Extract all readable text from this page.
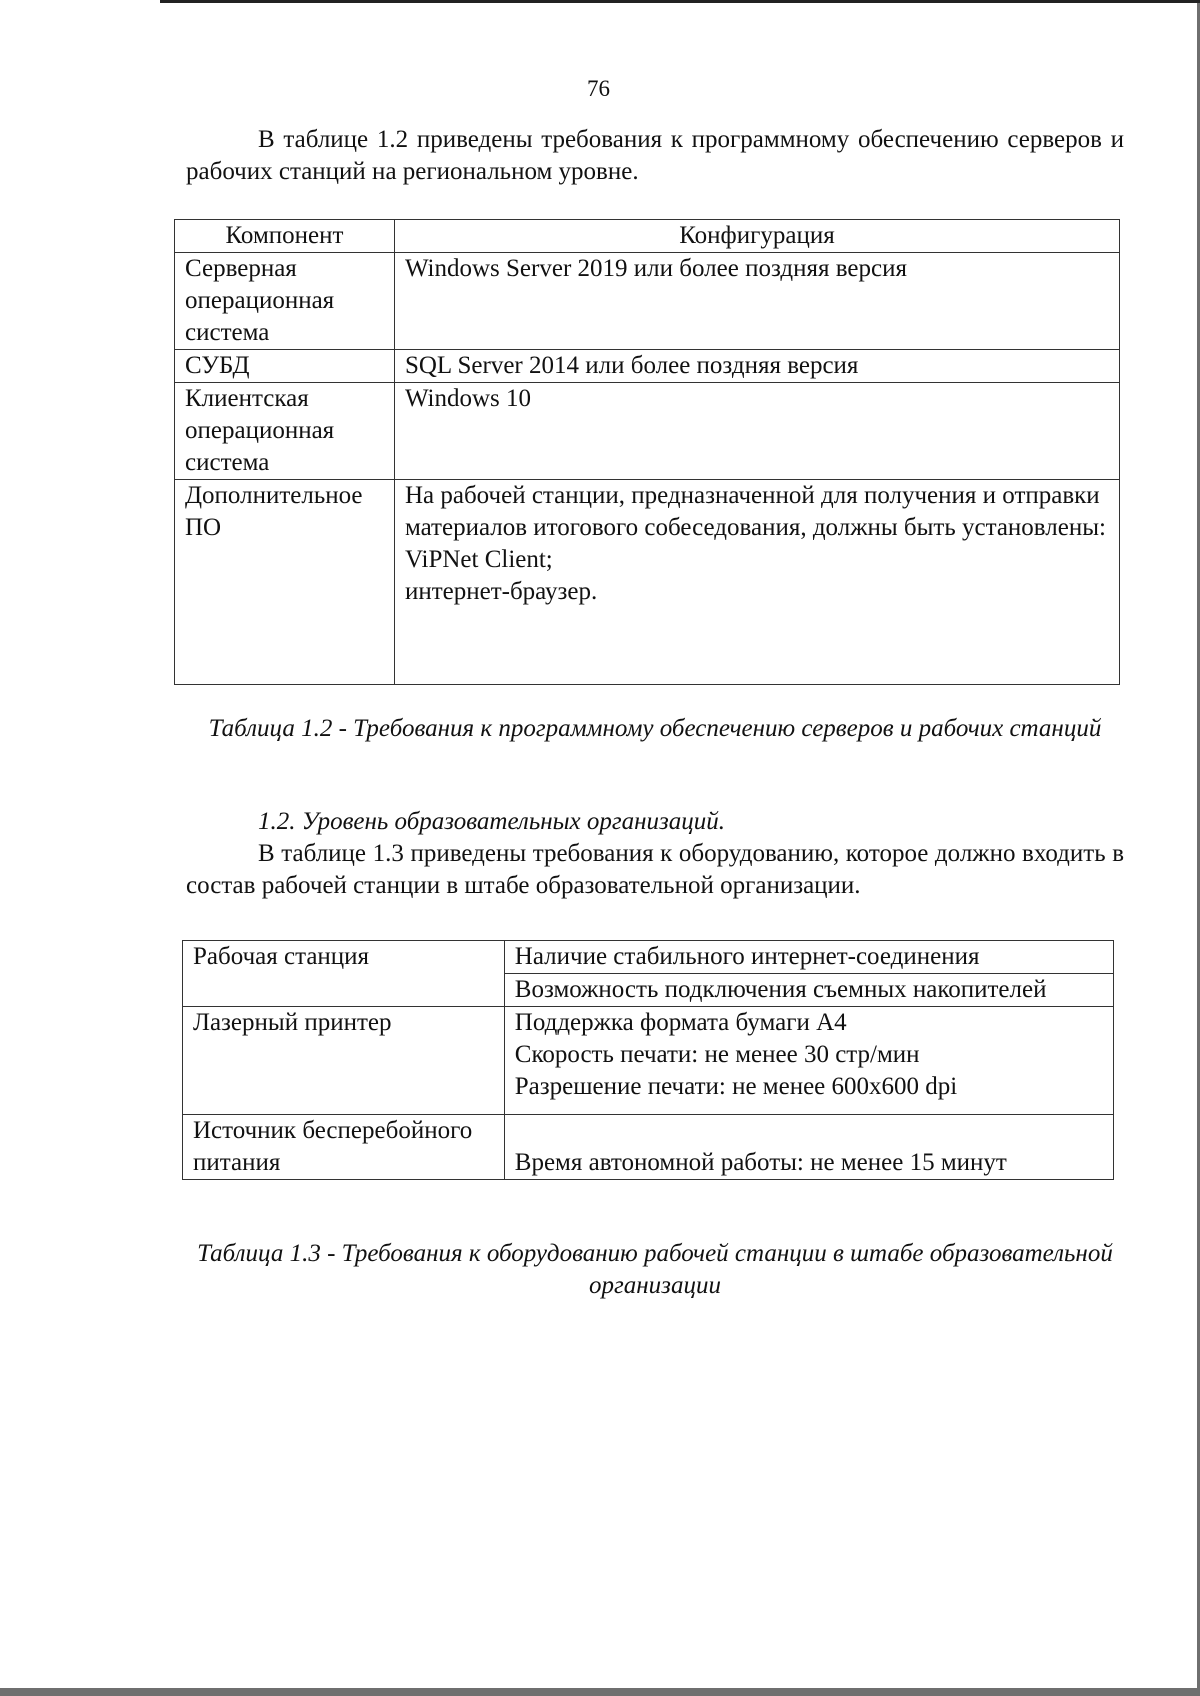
76

В таблице 1.2 приведены требования к программному обеспечению серверов и рабочих станций на региональном уровне.

Компонент	Конфигурация
Серверная операционная система	Windows Server 2019 или более поздняя версия
СУБД	SQL Server 2014 или более поздняя версия
Клиентская операционная система	Windows 10
Дополнительное ПО	На рабочей станции, предназначенной для получения и отправки материалов итогового собеседования, должны быть установлены:
ViPNet Client;
интернет-браузер.
Таблица 1.2 - Требования к программному обеспечению серверов и рабочих станций
1.2. Уровень образовательных организаций.

В таблице 1.3 приведены требования к оборудованию, которое должно входить в состав рабочей станции в штабе образовательной организации.

Рабочая станция	Наличие стабильного интернет-соединения
	Возможность подключения съемных накопителей
Лазерный принтер	Поддержка формата бумаги А4
Скорость печати: не менее 30 стр/мин
Разрешение печати: не менее 600x600 dpi

Источник бесперебойного питания	Время автономной работы: не менее 15 минут
Таблица 1.3 - Требования к оборудованию рабочей станции в штабе образовательной организации
